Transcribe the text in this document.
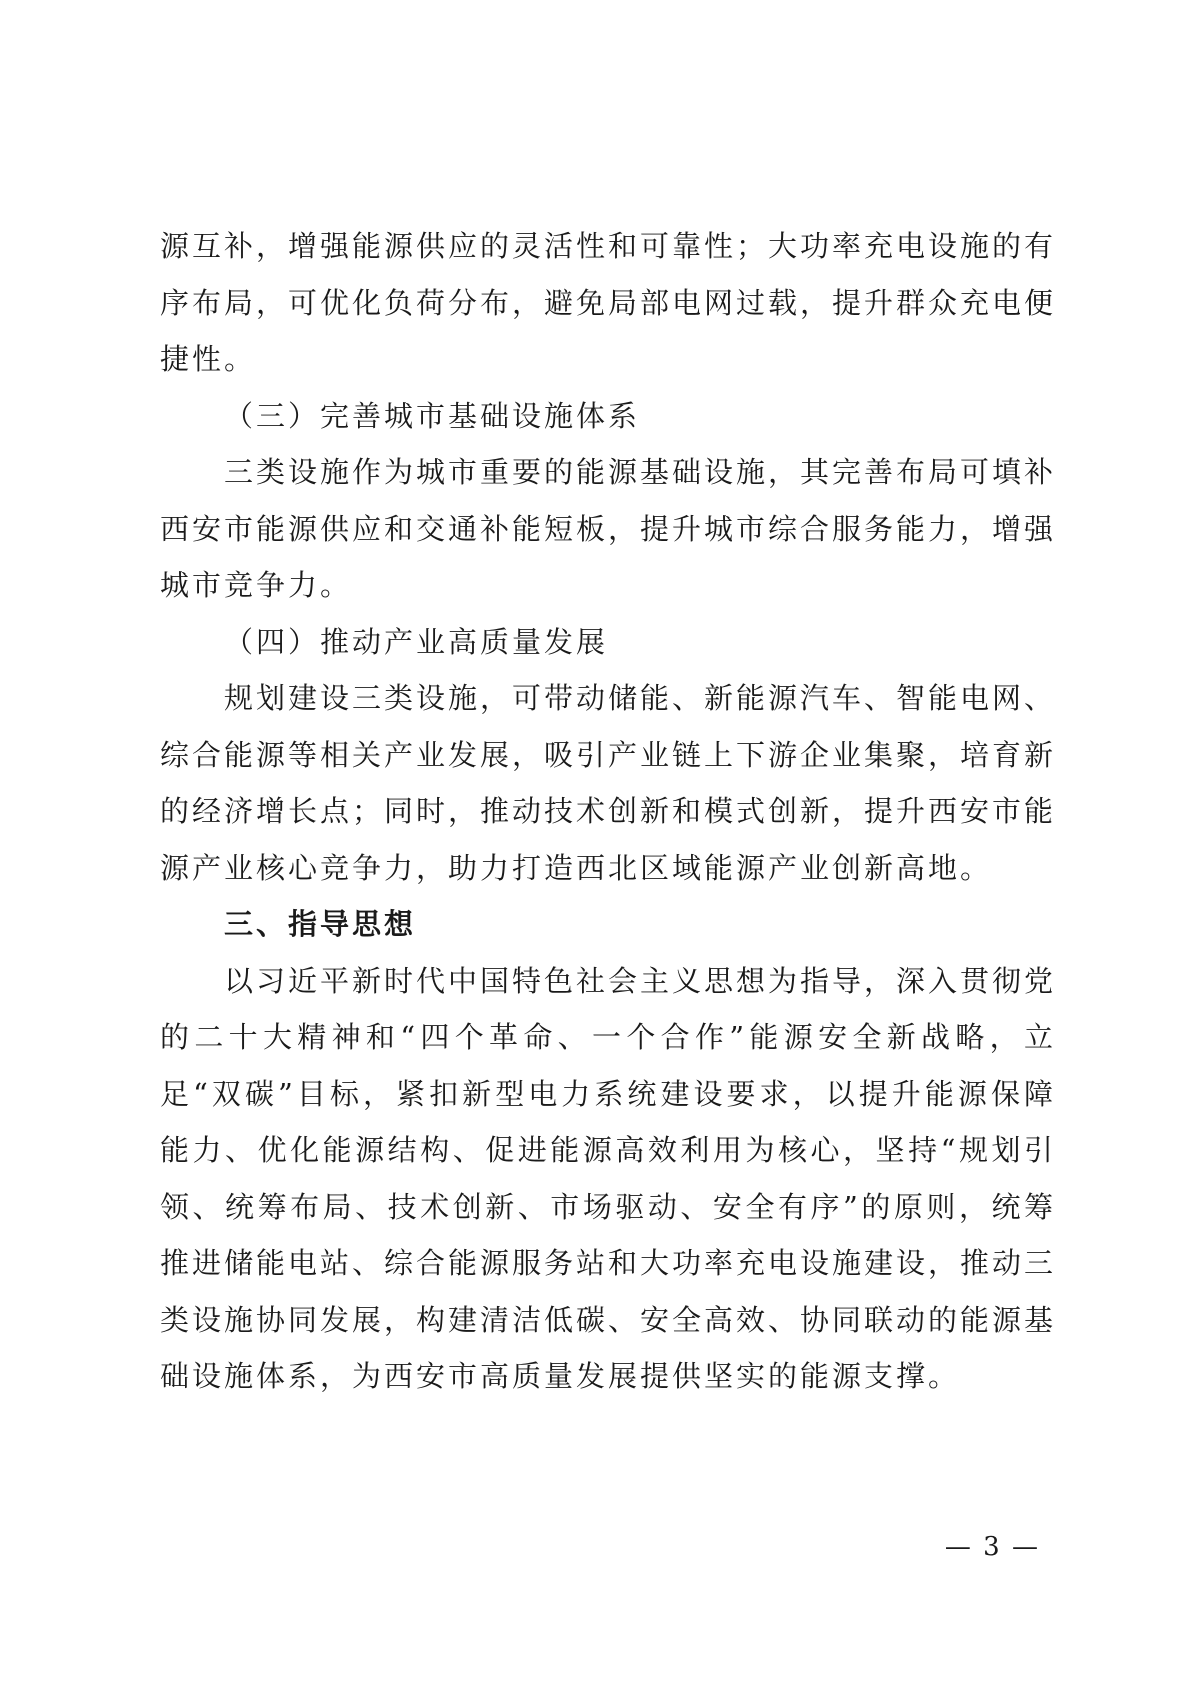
源互补，增强能源供应的灵活性和可靠性；大功率充电设施的有序布局，可优化负荷分布，避免局部电网过载，提升群众充电便捷性。

（三）完善城市基础设施体系

三类设施作为城市重要的能源基础设施，其完善布局可填补西安市能源供应和交通补能短板，提升城市综合服务能力，增强城市竞争力。

（四）推动产业高质量发展

规划建设三类设施，可带动储能、新能源汽车、智能电网、综合能源等相关产业发展，吸引产业链上下游企业集聚，培育新的经济增长点；同时，推动技术创新和模式创新，提升西安市能源产业核心竞争力，助力打造西北区域能源产业创新高地。

三、指导思想

以习近平新时代中国特色社会主义思想为指导，深入贯彻党的二十大精神和“四个革命、一个合作”能源安全新战略，立足“双碳”目标，紧扣新型电力系统建设要求，以提升能源保障能力、优化能源结构、促进能源高效利用为核心，坚持“规划引领、统筹布局、技术创新、市场驱动、安全有序”的原则，统筹推进储能电站、综合能源服务站和大功率充电设施建设，推动三类设施协同发展，构建清洁低碳、安全高效、协同联动的能源基础设施体系，为西安市高质量发展提供坚实的能源支撑。

— 3 —
